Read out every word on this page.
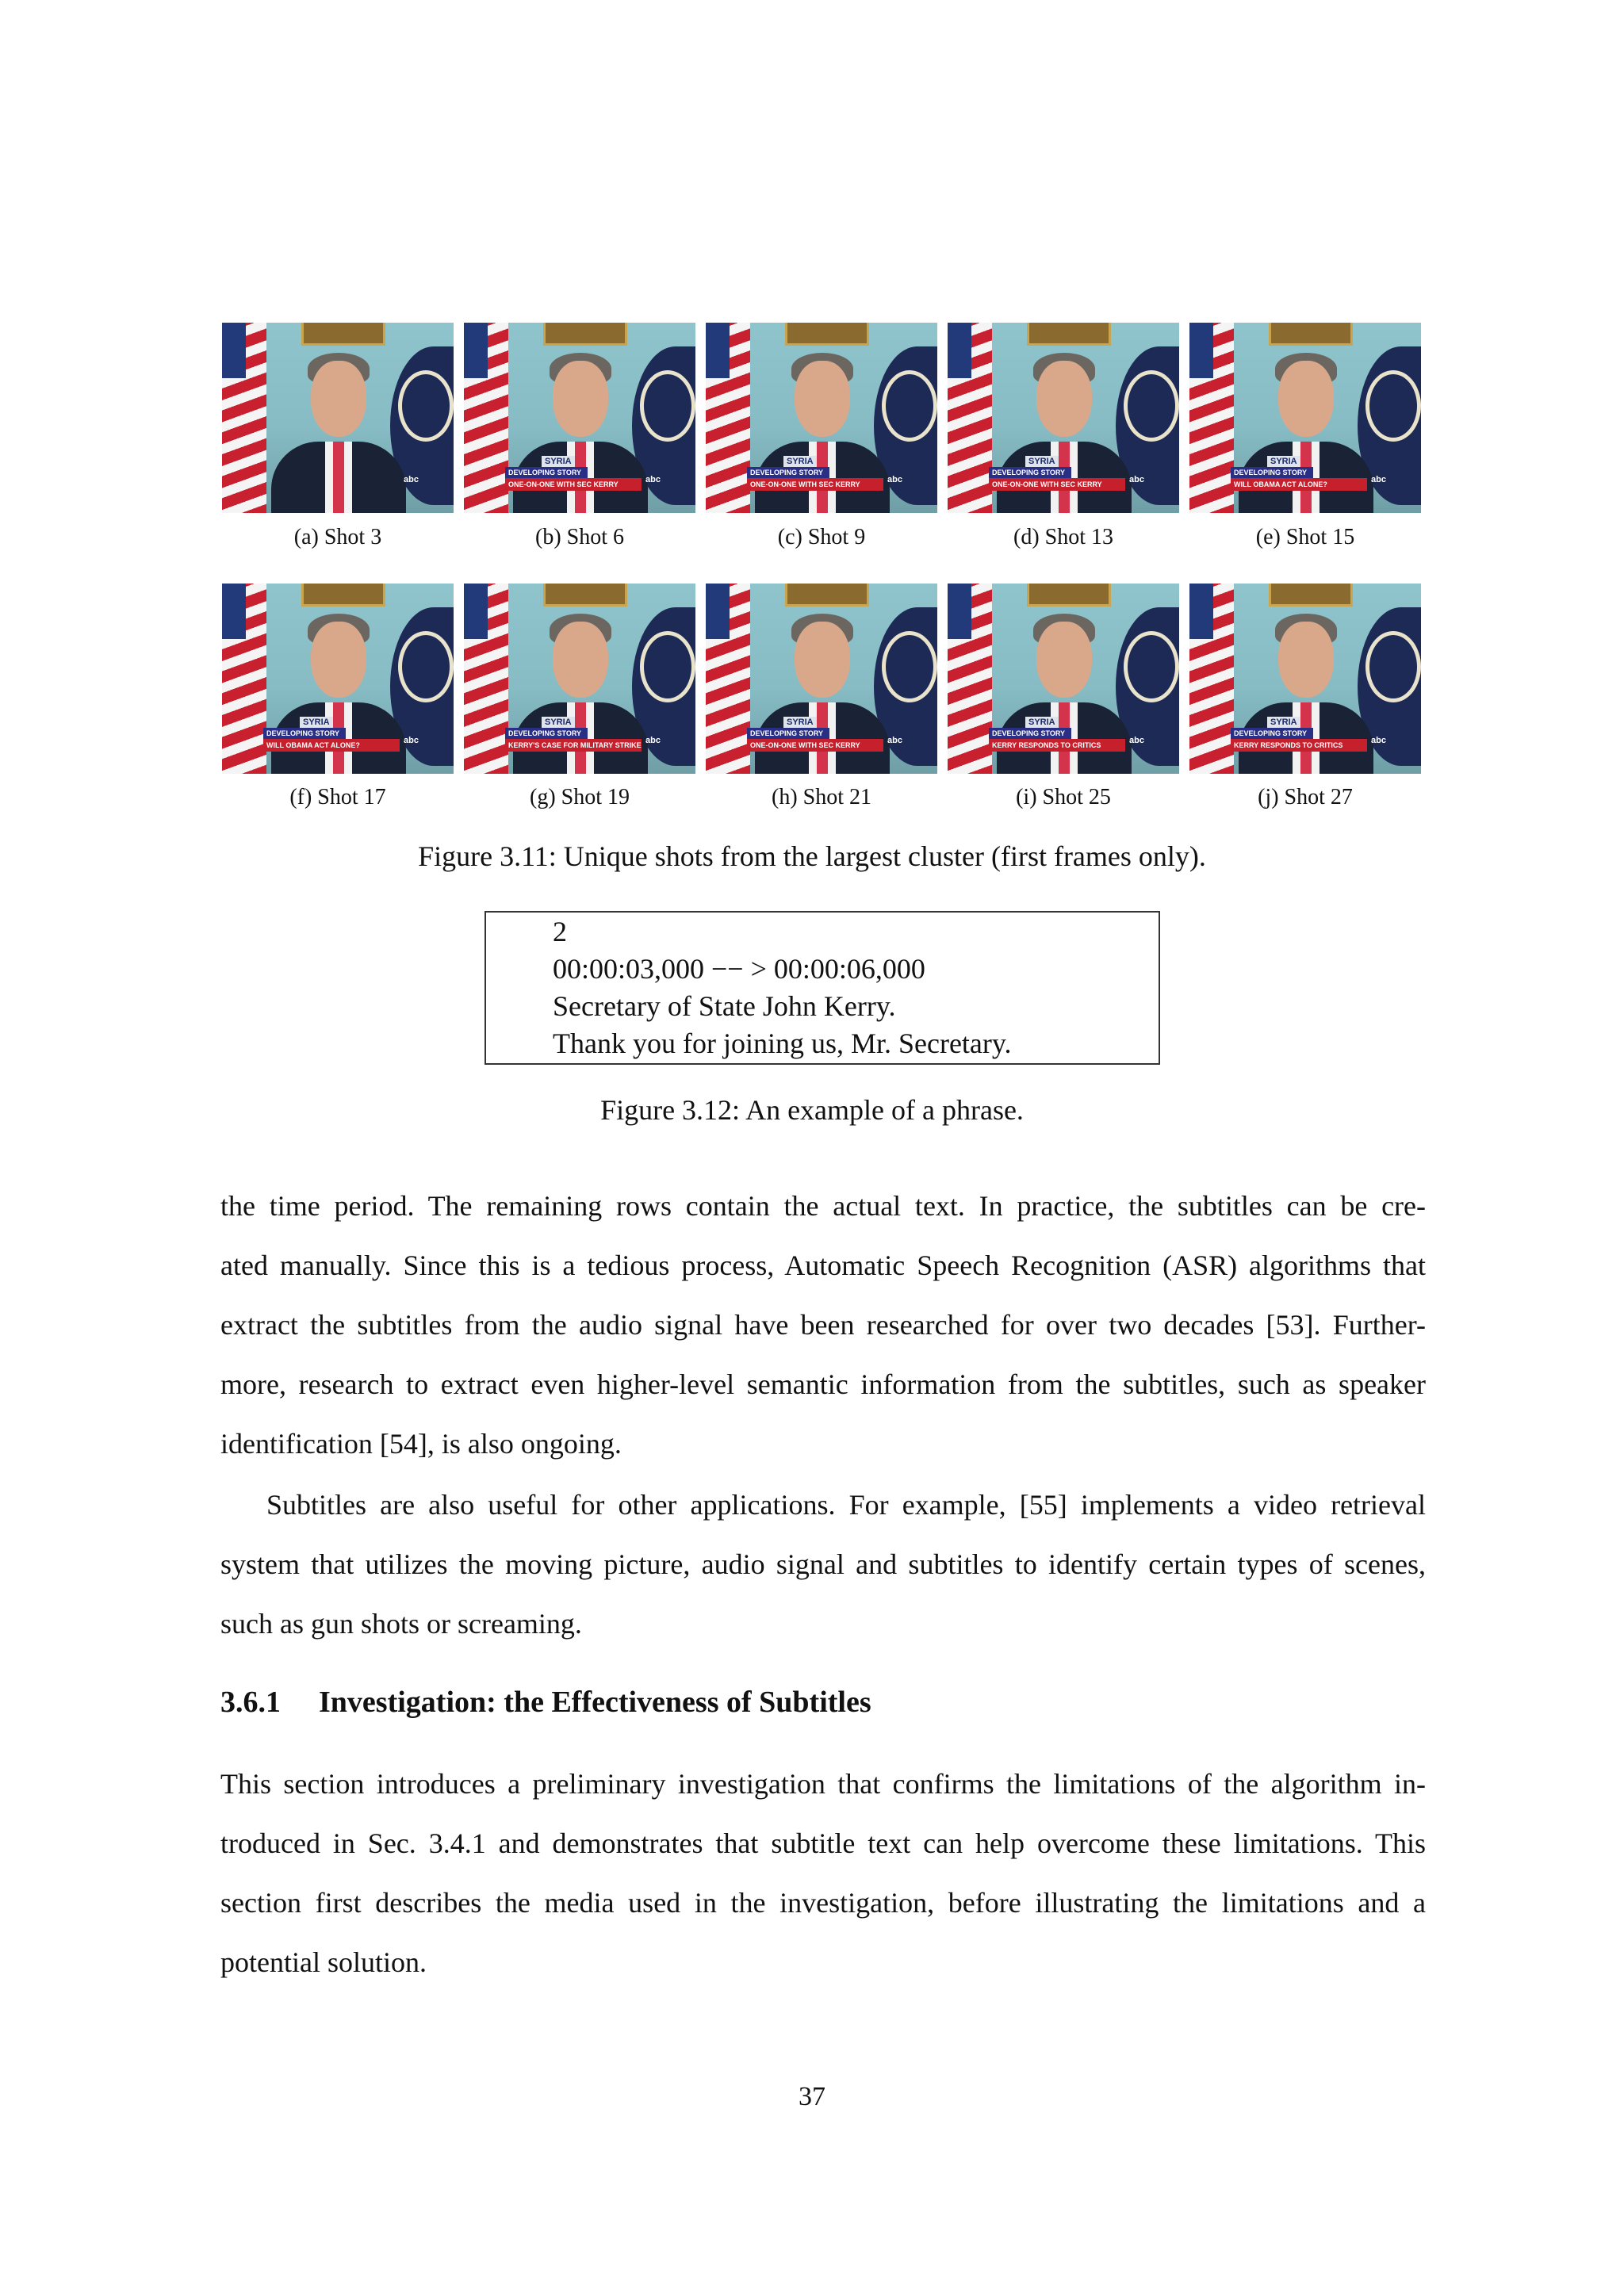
abc
SYRIA
DEVELOPING STORY
ONE-ON-ONE WITH SEC KERRY	abc
SYRIA
DEVELOPING STORY
ONE-ON-ONE WITH SEC KERRY	abc
SYRIA
DEVELOPING STORY
ONE-ON-ONE WITH SEC KERRY	abc
SYRIA
DEVELOPING STORY
WILL OBAMA ACT ALONE?	abc
(a) Shot 3	(b) Shot 6	(c) Shot 9	(d) Shot 13	(e) Shot 15
SYRIA
DEVELOPING STORY
WILL OBAMA ACT ALONE?	abc
SYRIA
DEVELOPING STORY
KERRY'S CASE FOR MILITARY STRIKE abc
SYRIA
DEVELOPING STORY
ONE-ON-ONE WITH SEC KERRY	abc
SYRIA
DEVELOPING STORY
KERRY RESPONDS TO CRITICS	abc
SYRIA
DEVELOPING STORY
KERRY RESPONDS TO CRITICS	abc
(f) Shot 17	(g) Shot 19	(h) Shot 21	(i) Shot 25	(j) Shot 27
Figure 3.11: Unique shots from the largest cluster (first frames only).
2
00:00:03,000 −− > 00:00:06,000
Secretary of State John Kerry.
Thank you for joining us, Mr. Secretary.
Figure 3.12: An example of a phrase.
the time period. The remaining rows contain the actual text. In practice, the subtitles can be cre-
ated manually. Since this is a tedious process, Automatic Speech Recognition (ASR) algorithms that
extract the subtitles from the audio signal have been researched for over two decades [53]. Further-
more, research to extract even higher-level semantic information from the subtitles, such as speaker
identification [54], is also ongoing.
Subtitles are also useful for other applications. For example, [55] implements a video retrieval
system that utilizes the moving picture, audio signal and subtitles to identify certain types of scenes,
such as gun shots or screaming.
3.6.1 Investigation: the Effectiveness of Subtitles
This section introduces a preliminary investigation that confirms the limitations of the algorithm in-
troduced in Sec. 3.4.1 and demonstrates that subtitle text can help overcome these limitations. This
section first describes the media used in the investigation, before illustrating the limitations and a
potential solution.
37
